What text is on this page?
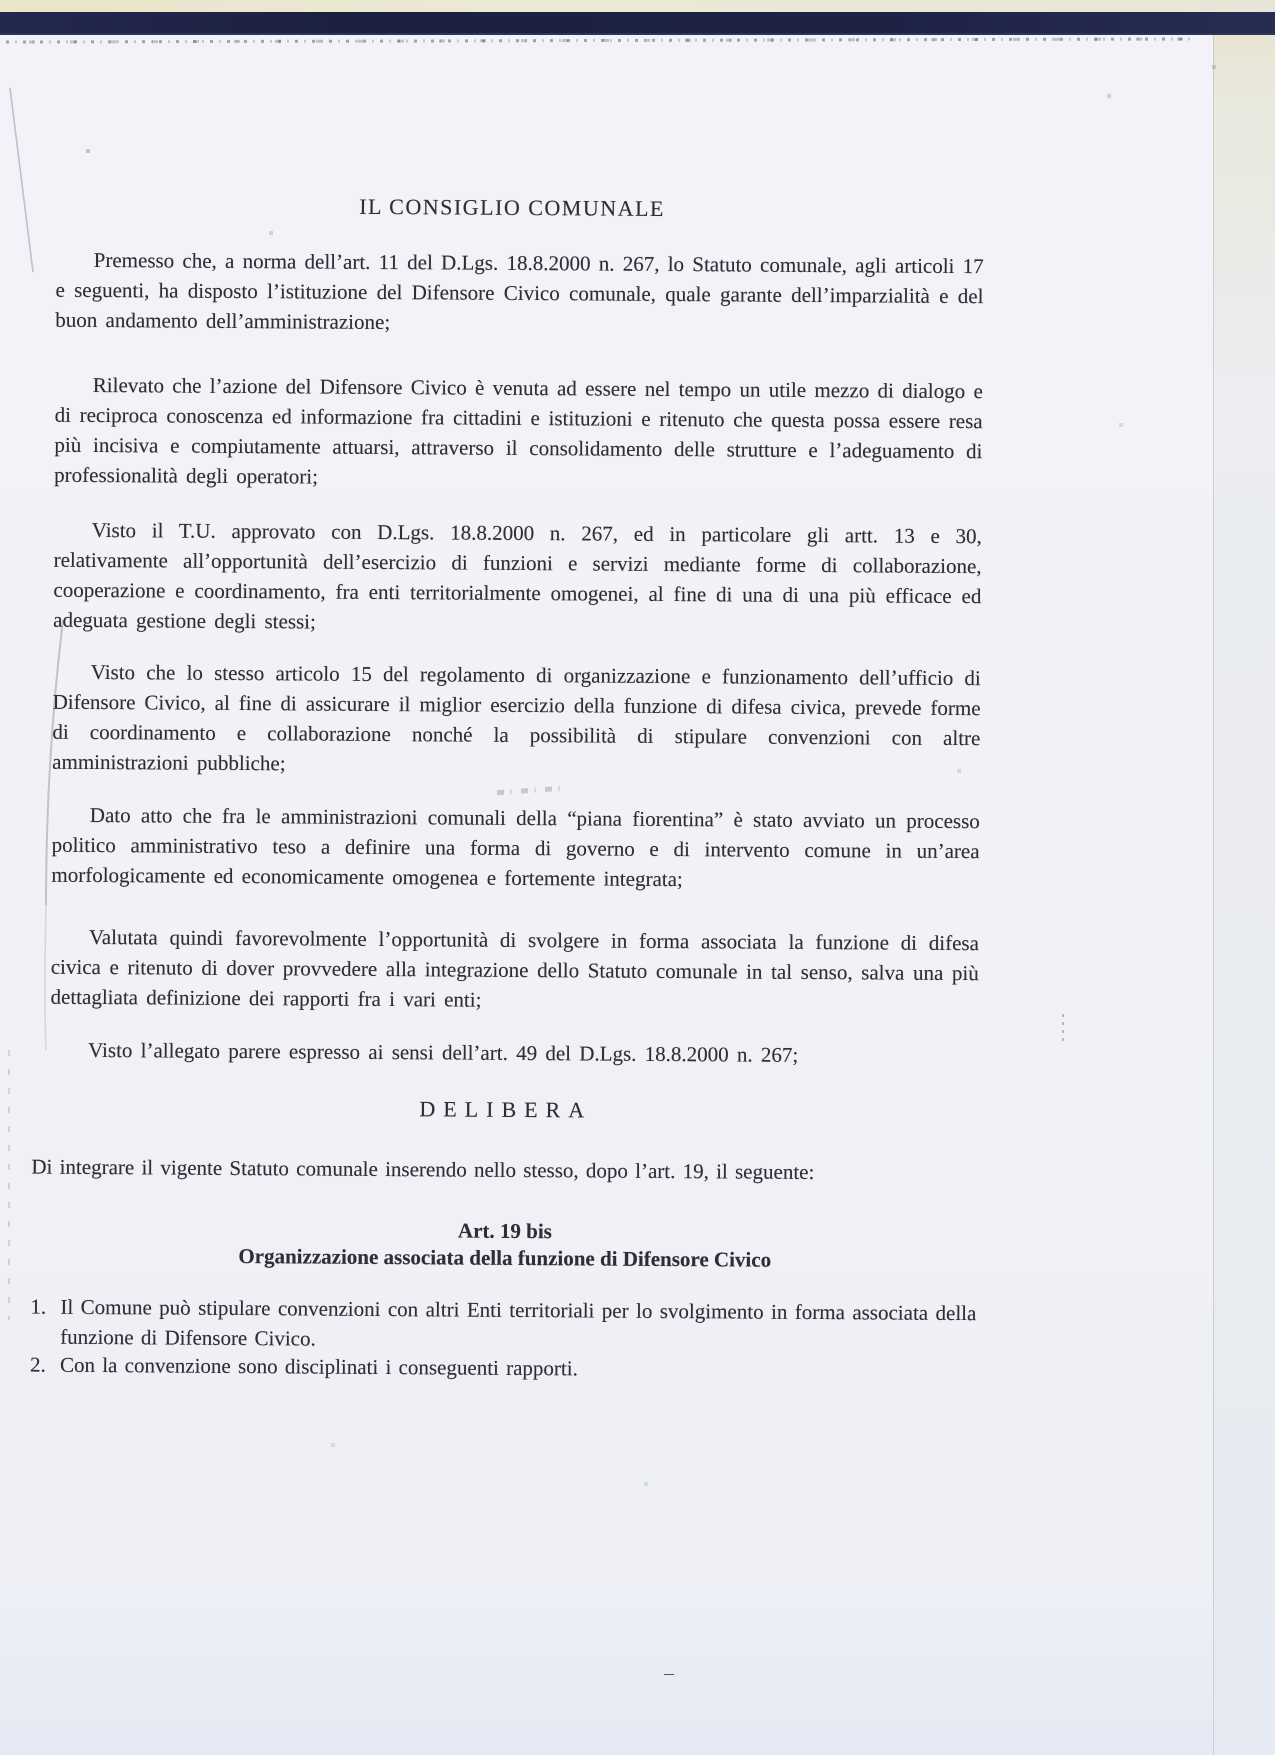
IL CONSIGLIO COMUNALE

Premesso che, a norma dell’art. 11 del D.Lgs. 18.8.2000 n. 267, lo Statuto comunale, agli articoli 17 e seguenti, ha disposto l’istituzione del Difensore Civico comunale, quale garante dell’imparzialità e del buon andamento dell’amministrazione;

Rilevato che l’azione del Difensore Civico è venuta ad essere nel tempo un utile mezzo di dialogo e di reciproca conoscenza ed informazione fra cittadini e istituzioni e ritenuto che questa possa essere resa più incisiva e compiutamente attuarsi, attraverso il consolidamento delle strutture e l’adeguamento di professionalità degli operatori;

Visto il T.U. approvato con D.Lgs. 18.8.2000 n. 267, ed in particolare gli artt. 13 e 30, relativamente all’opportunità dell’esercizio di funzioni e servizi mediante forme di collaborazione, cooperazione e coordinamento, fra enti territorialmente omogenei, al fine di una di una più efficace ed adeguata gestione degli stessi;

Visto che lo stesso articolo 15 del regolamento di organizzazione e funzionamento dell’ufficio di Difensore Civico, al fine di assicurare il miglior esercizio della funzione di difesa civica, prevede forme di coordinamento e collaborazione nonché la possibilità di stipulare convenzioni con altre amministrazioni pubbliche;

Dato atto che fra le amministrazioni comunali della “piana fiorentina” è stato avviato un processo politico amministrativo teso a definire una forma di governo e di intervento comune in un’area morfologicamente ed economicamente omogenea e fortemente integrata;

Valutata quindi favorevolmente l’opportunità di svolgere in forma associata la funzione di difesa civica e ritenuto di dover provvedere alla integrazione dello Statuto comunale in tal senso, salva una più dettagliata definizione dei rapporti fra i vari enti;

Visto l’allegato parere espresso ai sensi dell’art. 49 del D.Lgs. 18.8.2000 n. 267;

DELIBERA

Di integrare il vigente Statuto comunale inserendo nello stesso, dopo l’art. 19, il seguente:

Art. 19 bis
Organizzazione associata della funzione di Difensore Civico
1. Il Comune può stipulare convenzioni con altri Enti territoriali per lo svolgimento in forma associata della funzione di Difensore Civico.
2. Con la convenzione sono disciplinati i conseguenti rapporti.
–
